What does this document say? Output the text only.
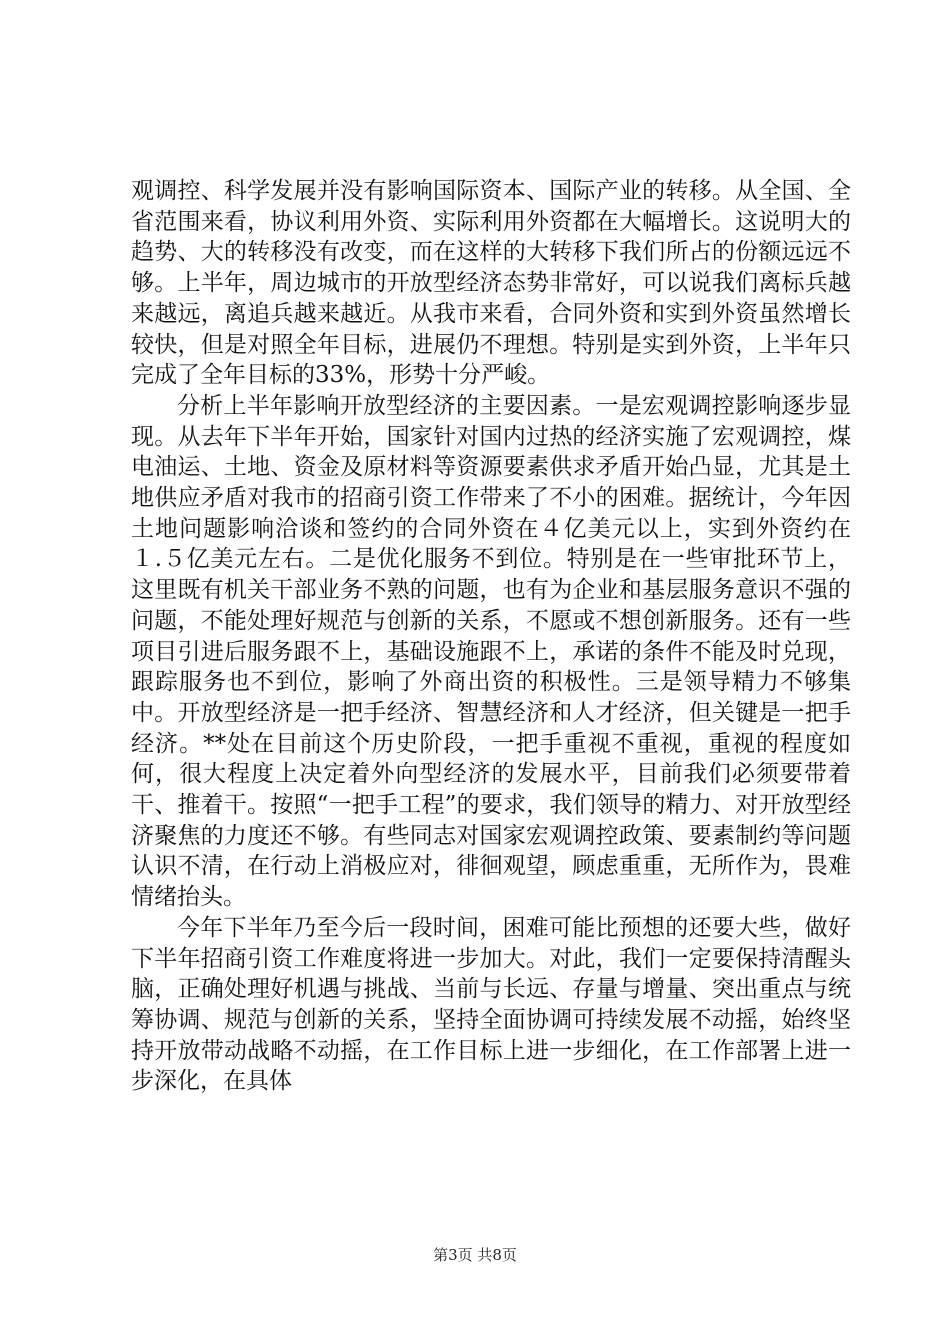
观调控、科学发展并没有影响国际资本、国际产业的转移。从全国、全省范围来看，协议利用外资、实际利用外资都在大幅增长。这说明大的趋势、大的转移没有改变，而在这样的大转移下我们所占的份额远远不够。上半年，周边城市的开放型经济态势非常好，可以说我们离标兵越来越远，离追兵越来越近。从我市来看，合同外资和实到外资虽然增长较快，但是对照全年目标，进展仍不理想。特别是实到外资，上半年只完成了全年目标的33%，形势十分严峻。

分析上半年影响开放型经济的主要因素。一是宏观调控影响逐步显现。从去年下半年开始，国家针对国内过热的经济实施了宏观调控，煤电油运、土地、资金及原材料等资源要素供求矛盾开始凸显，尤其是土地供应矛盾对我市的招商引资工作带来了不小的困难。据统计，今年因土地问题影响洽谈和签约的合同外资在４亿美元以上，实到外资约在１.５亿美元左右。二是优化服务不到位。特别是在一些审批环节上，这里既有机关干部业务不熟的问题，也有为企业和基层服务意识不强的问题，不能处理好规范与创新的关系，不愿或不想创新服务。还有一些项目引进后服务跟不上，基础设施跟不上，承诺的条件不能及时兑现，跟踪服务也不到位，影响了外商出资的积极性。三是领导精力不够集中。开放型经济是一把手经济、智慧经济和人才经济，但关键是一把手经济。**处在目前这个历史阶段，一把手重视不重视，重视的程度如何，很大程度上决定着外向型经济的发展水平，目前我们必须要带着干、推着干。按照“一把手工程”的要求，我们领导的精力、对开放型经济聚焦的力度还不够。有些同志对国家宏观调控政策、要素制约等问题认识不清，在行动上消极应对，徘徊观望，顾虑重重，无所作为，畏难情绪抬头。

今年下半年乃至今后一段时间，困难可能比预想的还要大些，做好下半年招商引资工作难度将进一步加大。对此，我们一定要保持清醒头脑，正确处理好机遇与挑战、当前与长远、存量与增量、突出重点与统筹协调、规范与创新的关系，坚持全面协调可持续发展不动摇，始终坚持开放带动战略不动摇，在工作目标上进一步细化，在工作部署上进一步深化，在具体

第3页 共8页
